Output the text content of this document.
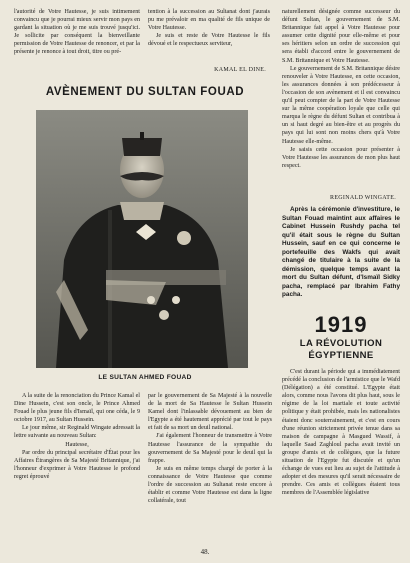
l'autorité de Votre Hautesse, je suis intimement convaincu que je pourrai mieux servir mon pays en gardant la situation où je me suis trouvé jusqu'ici. Je sollicite par conséquent la bienveillante permission de Votre Hautesse de renoncer, et par la présente je renonce à tout droit, titre ou pré-

tention à la succession au Sultanat dont j'aurais pu me prévaloir en ma qualité de fils unique de Votre Hautesse.

Je suis et reste de Votre Hautesse le fils dévoué et le respectueux serviteur,

KAMAL EL DINE.
AVÈNEMENT DU SULTAN FOUAD
LE SULTAN AHMED FOUAD

A la suite de la renonciation du Prince Kamal el Dine Hussein, c'est son oncle, le Prince Ahmed Fouad le plus jeune fils d'Ismaïl, qui one céda, le 9 octobre 1917, au Sultan Hussein.

Le jour même, sir Reginald Wingate adressait la lettre suivante au nouveau Sultan:

Hautesse,

Par ordre du principal secrétaire d'État pour les Affaires Étrangères de Sa Majesté Britannique, j'ai l'honneur d'exprimer à Votre Hautesse le profond regret éprouvé

par le gouvernement de Sa Majesté à la nouvelle de la mort de Sa Hautesse le Sultan Hussein Kamel dont l'inlassable dévouement au bien de l'Egypte a été hautement apprécié par tout le pays et fait de sa mort un deuil national.

J'ai également l'honneur de transmettre à Votre Hautesse l'assurance de la sympathie du gouvernement de Sa Majesté pour le deuil qui la frappe.

Je suis en même temps chargé de porter à la connaissance de Votre Hautesse que comme l'ordre de succession au Sultanat reste encore à établir et comme Votre Hautesse est dans la ligne collatérale, tout

naturellement désignée comme successeur du défunt Sultan, le gouvernement de S.M. Britannique fait appel à Votre Hautesse pour assumer cette dignité pour elle-même et pour ses héritiers selon un ordre de succession qui sera établi d'accord entre le gouvernement de S.M. Britannique et Votre Hautesse.

Le gouvernement de S.M. Britannique désire renouveler à Votre Hautesse, en cette occasion, les assurances données à son prédécesseur à l'occasion de son avènement et il est convaincu qu'il peut compter de la part de Votre Hautesse sur la même coopération loyale que celle qui marqua le règne du défunt Sultan et contribua à un si haut degré au bien-être et au progrès du pays qui lui sont non moins chers qu'à Votre Hautesse elle-même.

Je saisis cette occasion pour présenter à Votre Hautesse les assurances de mon plus haut respect.

REGINALD WINGATE.

Après la cérémonie d'investiture, le Sultan Fouad maintint aux affaires le Cabinet Hussein Rushdy pacha tel qu'il était sous le règne du Sultan Hussein, sauf en ce qui concerne le portefeuille des Wakfs qui avait changé de titulaire à la suite de la démission, quelque temps avant la mort du Sultan défunt, d'Ismaïl Sidky pacha, remplacé par Ibrahim Fathy pacha.

1919
LA RÉVOLUTION
ÉGYPTIENNE

C'est durant la période qui a immédiatement précédé la conclusion de l'armistice que le Wafd (Délégation) a été constitué. L'Egypte était alors, comme nous l'avons dit plus haut, sous le régime de la loi martiale et toute activité politique y était prohibée, mais les nationalistes étaient donc souterrainement, et c'est en cours d'une réunion strictement privée tenue dans sa maison de campagne à Masgued Wassif, à laquelle Saad Zaghloul pacha avait invité un groupe d'amis et de collègues, que la future situation de l'Egypte fut discutée et qu'un échange de vues eut lieu au sujet de l'attitude à adopter et des mesures qu'il serait nécessaire de prendre. Ces amis et collègues étaient tous membres de l'Assemblée législative

48.
